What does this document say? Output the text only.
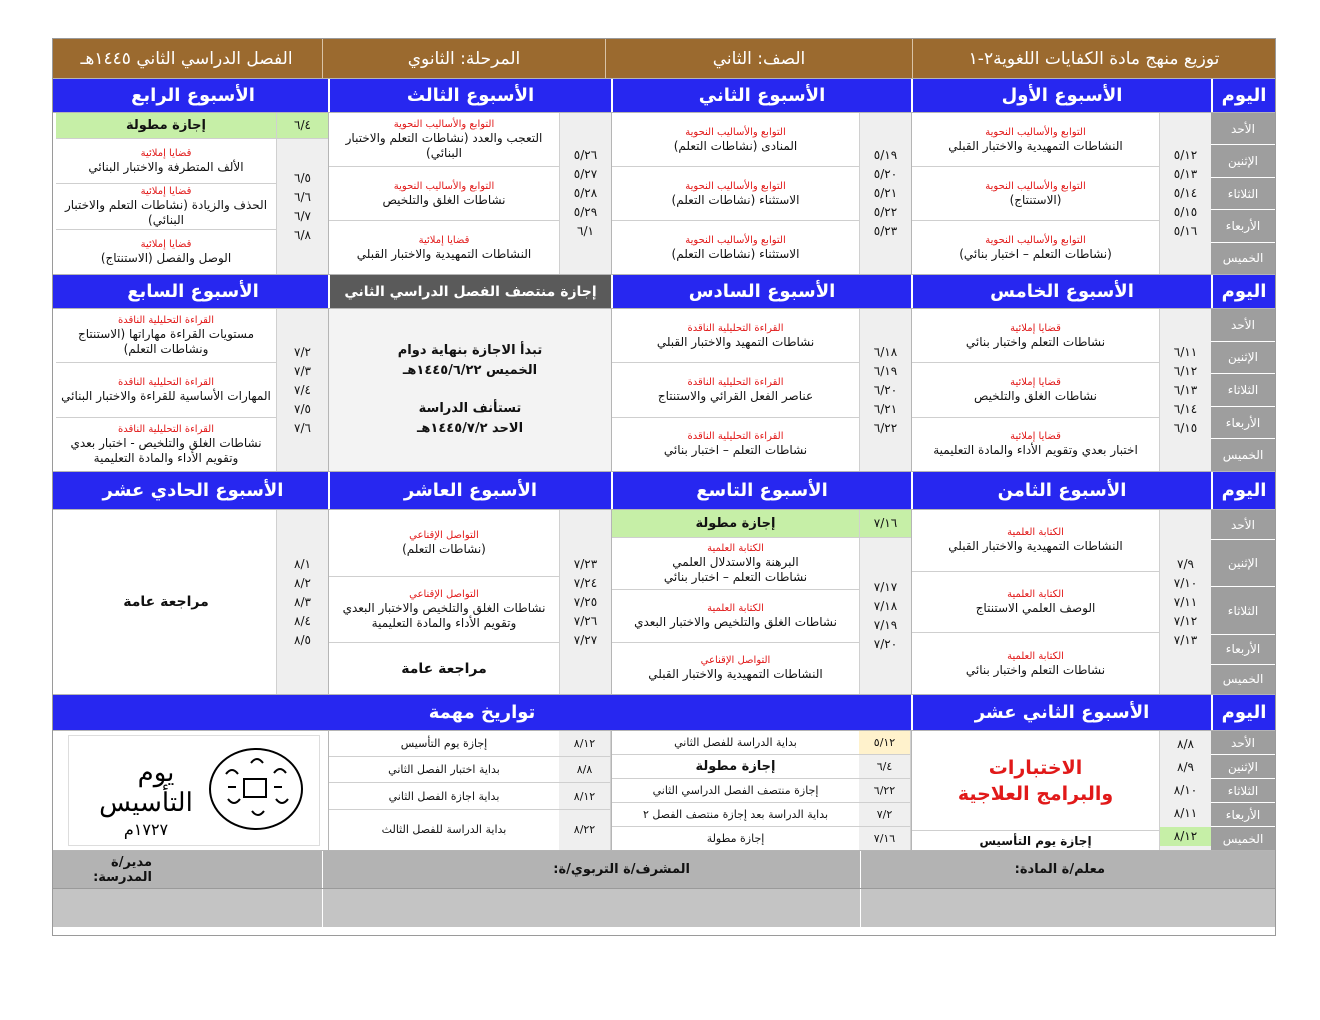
توزيع منهج مادة الكفايات اللغوية٢-١
الصف: الثاني
المرحلة: الثانوي
الفصل الدراسي الثاني ١٤٤٥هـ
اليوم
الأسبوع الأول
الأسبوع الثاني
الأسبوع الثالث
الأسبوع الرابع
الأحد
الإثنين
الثلاثاء
الأربعاء
الخميس
٥/١٢
٥/١٣
٥/١٤
٥/١٥
٥/١٦
التوابع والأساليب النحوية
النشاطات التمهيدية والاختبار القبلي
التوابع والأساليب النحوية
(الاستنتاج)
التوابع والأساليب النحوية
(نشاطات التعلم – اختبار بنائي)
٥/١٩
٥/٢٠
٥/٢١
٥/٢٢
٥/٢٣
التوابع والأساليب النحوية
المنادى (نشاطات التعلم)
التوابع والأساليب النحوية
الاستثناء (نشاطات التعلم)
التوابع والأساليب النحوية
الاستثناء (نشاطات التعلم)
٥/٢٦
٥/٢٧
٥/٢٨
٥/٢٩
٦/١
التوابع والأساليب النحوية
التعجب والعدد (نشاطات التعلم والاختبار البنائي)
التوابع والأساليب النحوية
نشاطات الغلق والتلخيص
قضايا إملائية
النشاطات التمهيدية والاختبار القبلي
٦/٤
إجازة مطولة
٦/٥
٦/٦
٦/٧
٦/٨
قضايا إملائية
الألف المتطرفة والاختبار البنائي
قضايا إملائية
الحذف والزيادة (نشاطات التعلم والاختبار البنائي)
قضايا إملائية
الوصل والفصل (الاستنتاج)
اليوم
الأسبوع الخامس
الأسبوع السادس
إجازة منتصف الفصل الدراسي الثاني
الأسبوع السابع
الأحد
الإثنين
الثلاثاء
الأربعاء
الخميس
٦/١١
٦/١٢
٦/١٣
٦/١٤
٦/١٥
قضايا إملائية
نشاطات التعلم واختبار بنائي
قضايا إملائية
نشاطات الغلق والتلخيص
قضايا إملائية
اختبار بعدي وتقويم الأداء والمادة التعليمية
٦/١٨
٦/١٩
٦/٢٠
٦/٢١
٦/٢٢
القراءة التحليلية الناقدة
نشاطات التمهيد والاختبار القبلي
القراءة التحليلية الناقدة
عناصر الفعل القرائي والاستنتاج
القراءة التحليلية الناقدة
نشاطات التعلم – اختبار بنائي
تبدأ الاجازة بنهاية دوام
الخميس ١٤٤٥/٦/٢٢هـ
تستأنف الدراسة
الاحد ١٤٤٥/٧/٢هـ
٧/٢
٧/٣
٧/٤
٧/٥
٧/٦
القراءة التحليلية الناقدة
مستويات القراءة مهاراتها (الاستنتاج ونشاطات التعلم)
القراءة التحليلية الناقدة
المهارات الأساسية للقراءة والاختبار البنائي
القراءة التحليلية الناقدة
نشاطات الغلق والتلخيص - اختبار بعدي وتقويم الأداء والمادة التعليمية
اليوم
الأسبوع الثامن
الأسبوع التاسع
الأسبوع العاشر
الأسبوع الحادي عشر
الأحد
الإثنين
الثلاثاء
الأربعاء
الخميس
٧/٩
٧/١٠
٧/١١
٧/١٢
٧/١٣
الكتابة العلمية
النشاطات التمهيدية والاختبار القبلي
الكتابة العلمية
الوصف العلمي الاستنتاج
الكتابة العلمية
نشاطات التعلم واختبار بنائي
٧/١٦
إجازة مطولة
٧/١٧
٧/١٨
٧/١٩
٧/٢٠
الكتابة العلمية
البرهنة والاستدلال العلمي
نشاطات التعلم – اختبار بنائي
الكتابة العلمية
نشاطات الغلق والتلخيص والاختبار البعدي
التواصل الإقناعي
النشاطات التمهيدية والاختبار القبلي
٧/٢٣
٧/٢٤
٧/٢٥
٧/٢٦
٧/٢٧
التواصل الإقناعي
(نشاطات التعلم)
التواصل الإقناعي
نشاطات الغلق والتلخيص والاختبار البعدي وتقويم الأداء والمادة التعليمية
مراجعة عامة
٨/١
٨/٢
٨/٣
٨/٤
٨/٥
مراجعة عامة
اليوم
الأسبوع الثاني عشر
تواريخ مهمة
الأحد
الإثنين
الثلاثاء
الأربعاء
الخميس
٨/٨
٨/٩
٨/١٠
٨/١١
٨/١٢
الاختبارات
والبرامج العلاجية
إجازة يوم التأسيس
٥/١٢
بداية الدراسة للفصل الثاني
٦/٤
إجازة مطولة
٦/٢٢
إجازة منتصف الفصل الدراسي الثاني
٧/٢
بداية الدراسة بعد إجازة منتصف الفصل ٢
٧/١٦
إجازة مطولة
٨/١٢
إجازة يوم التأسيس
٨/٨
بداية اختبار الفصل الثاني
٨/١٢
بداية اجازة الفصل الثاني
٨/٢٢
بداية الدراسة للفصل الثالث
يوم
التأسيس
١٧٢٧م
معلم/ة المادة:
المشرف/ة التربوي/ة:
مدير/ة المدرسة:
